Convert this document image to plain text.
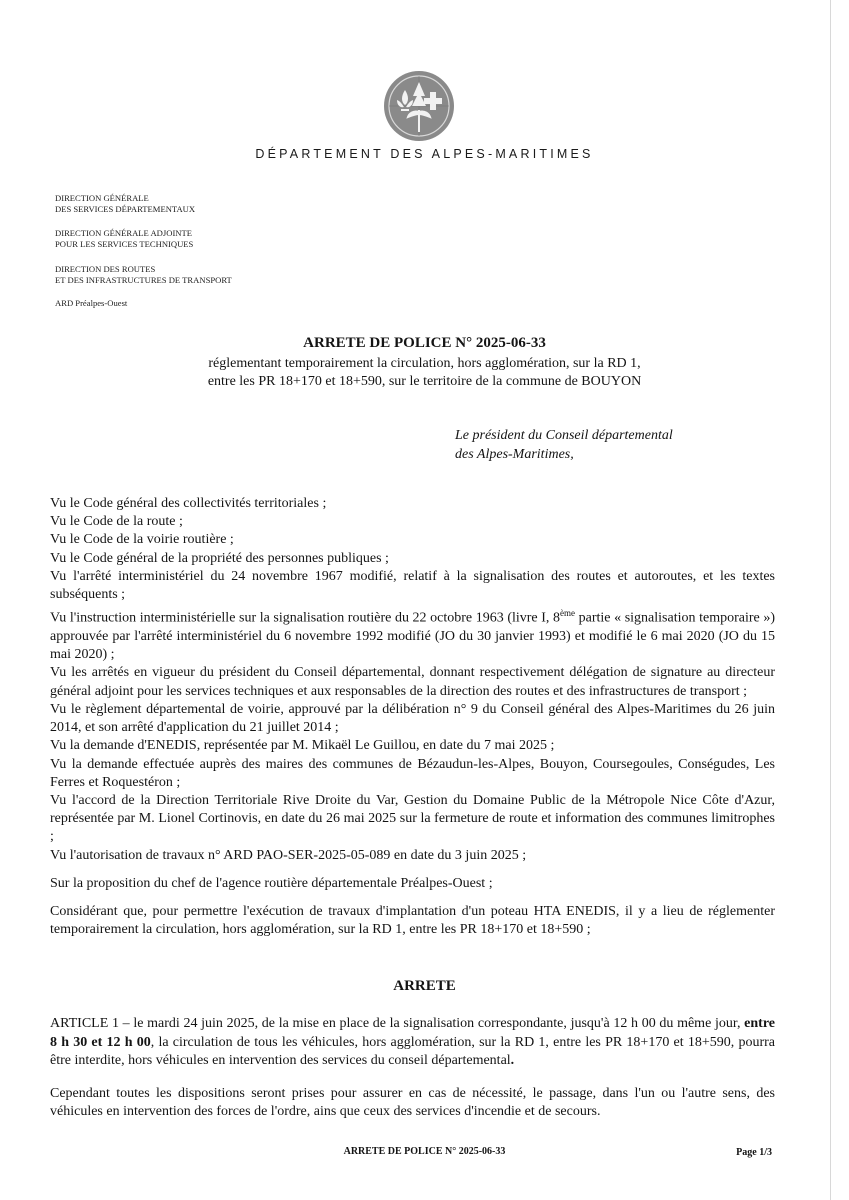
DÉPARTEMENT DES ALPES-MARITIMES
DIRECTION GÉNÉRALE
DES SERVICES DÉPARTEMENTAUX
DIRECTION GÉNÉRALE ADJOINTE
POUR LES SERVICES TECHNIQUES
DIRECTION DES ROUTES
ET DES INFRASTRUCTURES DE TRANSPORT
ARD Préalpes-Ouest
ARRETE DE POLICE N° 2025-06-33
réglementant temporairement la circulation, hors agglomération, sur la RD 1,
entre les PR 18+170 et 18+590, sur le territoire de la commune de BOUYON
Le président du Conseil départemental
des Alpes-Maritimes,

Vu le Code général des collectivités territoriales ;

Vu le Code de la route ;

Vu le Code de la voirie routière ;

Vu le Code général de la propriété des personnes publiques ;

Vu l'arrêté interministériel du 24 novembre 1967 modifié, relatif à la signalisation des routes et autoroutes, et les textes subséquents ;

Vu l'instruction interministérielle sur la signalisation routière du 22 octobre 1963 (livre I, 8ème partie « signalisation temporaire ») approuvée par l'arrêté interministériel du 6 novembre 1992 modifié (JO du 30 janvier 1993) et modifié le 6 mai 2020 (JO du 15 mai 2020) ;

Vu les arrêtés en vigueur du président du Conseil départemental, donnant respectivement délégation de signature au directeur général adjoint pour les services techniques et aux responsables de la direction des routes et des infrastructures de transport ;

Vu le règlement départemental de voirie, approuvé par la délibération n° 9 du Conseil général des Alpes-Maritimes du 26 juin 2014, et son arrêté d'application du 21 juillet 2014 ;

Vu la demande d'ENEDIS, représentée par M. Mikaël Le Guillou, en date du 7 mai 2025 ;

Vu la demande effectuée auprès des maires des communes de Bézaudun-les-Alpes, Bouyon, Coursegoules, Conségudes, Les Ferres et Roquestéron ;

Vu l'accord de la Direction Territoriale Rive Droite du Var, Gestion du Domaine Public de la Métropole Nice Côte d'Azur, représentée par M. Lionel Cortinovis, en date du 26 mai 2025 sur la fermeture de route et information des communes limitrophes ;

Vu l'autorisation de travaux n° ARD PAO-SER-2025-05-089 en date du 3 juin 2025 ;

Sur la proposition du chef de l'agence routière départementale Préalpes-Ouest ;

Considérant que, pour permettre l'exécution de travaux d'implantation d'un poteau HTA ENEDIS, il y a lieu de réglementer temporairement la circulation, hors agglomération, sur la RD 1, entre les PR 18+170 et 18+590 ;

ARRETE

ARTICLE 1 – le mardi 24 juin 2025, de la mise en place de la signalisation correspondante, jusqu'à 12 h 00 du même jour, entre 8 h 30 et 12 h 00, la circulation de tous les véhicules, hors agglomération, sur la RD 1, entre les PR 18+170 et 18+590, pourra être interdite, hors véhicules en intervention des services du conseil départemental.

Cependant toutes les dispositions seront prises pour assurer en cas de nécessité, le passage, dans l'un ou l'autre sens, des véhicules en intervention des forces de l'ordre, ains que ceux des services d'incendie et de secours.

ARRETE DE POLICE N° 2025-06-33	Page 1/3
